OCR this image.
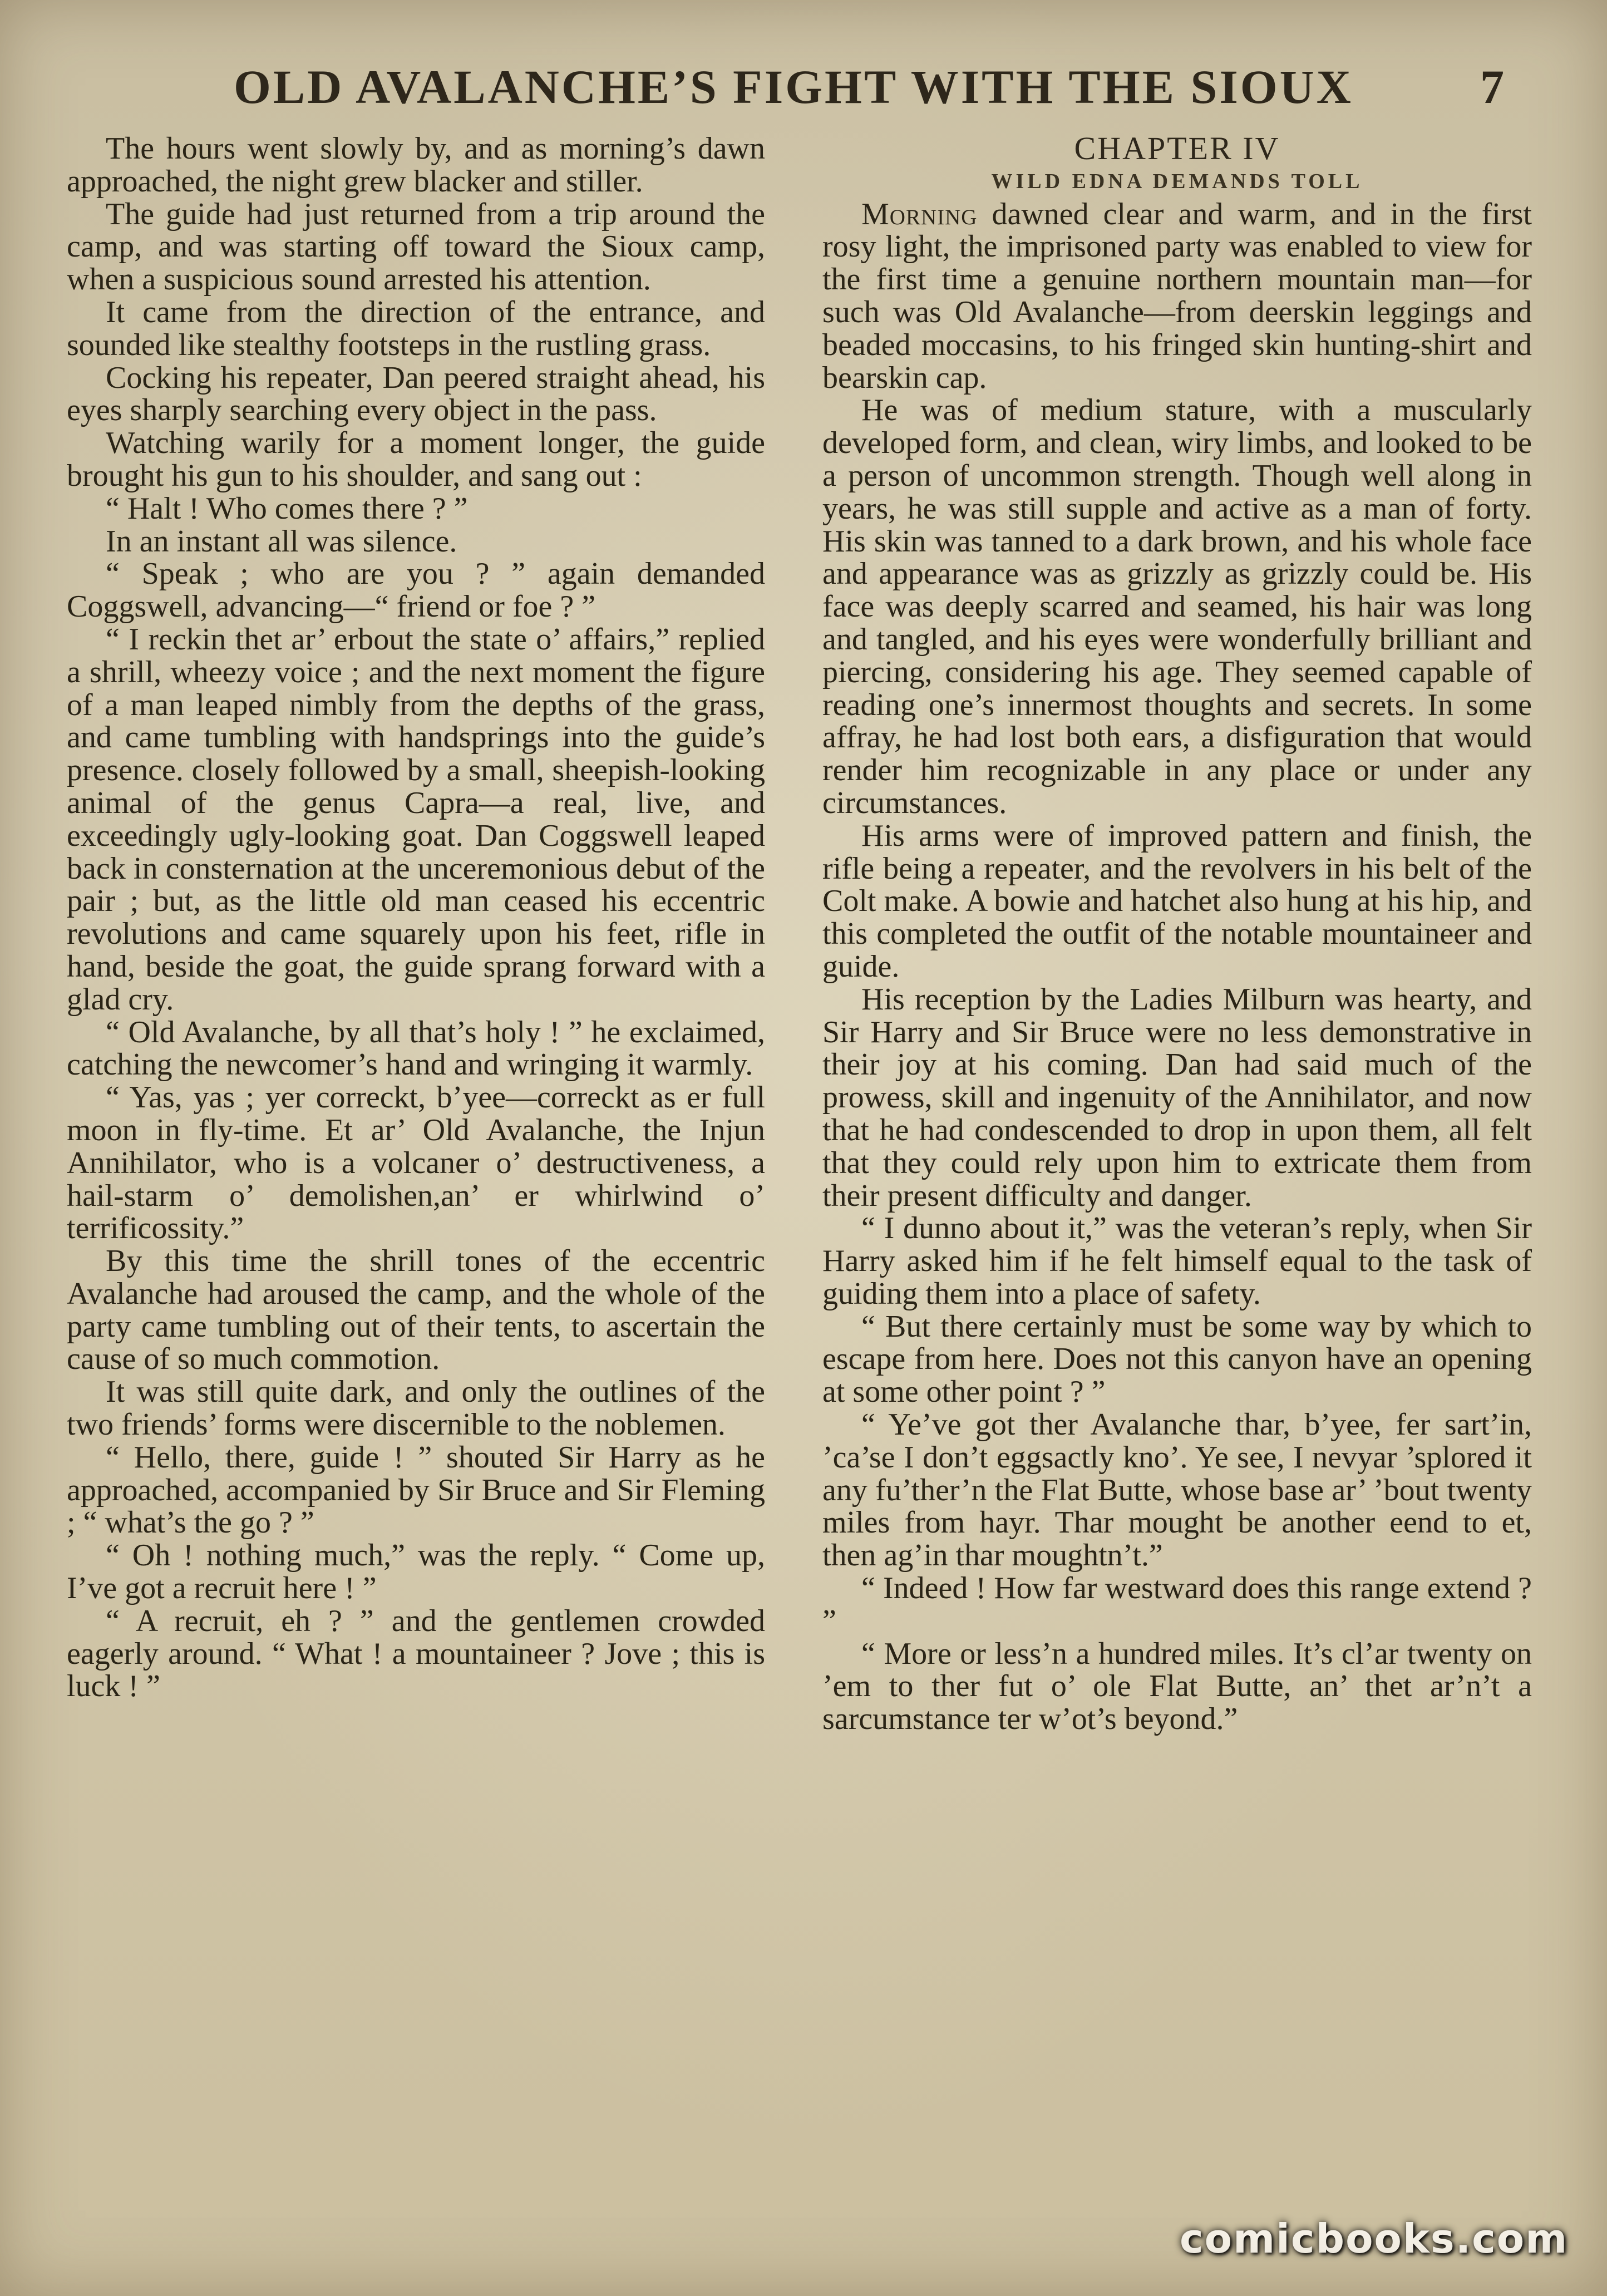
OLD AVALANCHE’S FIGHT WITH THE SIOUX	7

The hours went slowly by, and as morning’s dawn approached, the night grew blacker and stiller.

The guide had just returned from a trip around the camp, and was starting off toward the Sioux camp, when a suspicious sound arrested his attention.

It came from the direction of the entrance, and sounded like stealthy footsteps in the rustling grass.

Cocking his repeater, Dan peered straight ahead, his eyes sharply searching every object in the pass.

Watching warily for a moment longer, the guide brought his gun to his shoulder, and sang out :

“ Halt ! Who comes there ? ”

In an instant all was silence.

“ Speak ; who are you ? ” again demanded Coggswell, advancing—“ friend or foe ? ”

“ I reckin thet ar’ erbout the state o’ affairs,” replied a shrill, wheezy voice ; and the next moment the figure of a man leaped nimbly from the depths of the grass, and came tumbling with handsprings into the guide’s presence. closely followed by a small, sheepish-looking animal of the genus Capra—a real, live, and exceedingly ugly-looking goat. Dan Coggswell leaped back in consternation at the unceremonious debut of the pair ; but, as the little old man ceased his eccentric revolutions and came squarely upon his feet, rifle in hand, beside the goat, the guide sprang forward with a glad cry.

“ Old Avalanche, by all that’s holy ! ” he exclaimed, catching the newcomer’s hand and wringing it warmly.

“ Yas, yas ; yer correckt, b’yee—correckt as er full moon in fly-time. Et ar’ Old Avalanche, the Injun Annihilator, who is a volcaner o’ destructiveness, a hail-starm o’ demolishen,an’ er whirlwind o’ terrificossity.”

By this time the shrill tones of the eccentric Avalanche had aroused the camp, and the whole of the party came tumbling out of their tents, to ascertain the cause of so much commotion.

It was still quite dark, and only the outlines of the two friends’ forms were discernible to the noblemen.

“ Hello, there, guide ! ” shouted Sir Harry as he approached, accompanied by Sir Bruce and Sir Fleming ; “ what’s the go ? ”

“ Oh ! nothing much,” was the reply. “ Come up, I’ve got a recruit here ! ”

“ A recruit, eh ? ” and the gentlemen crowded eagerly around. “ What ! a mountaineer ? Jove ; this is luck ! ”

CHAPTER IV

WILD EDNA DEMANDS TOLL

Morning dawned clear and warm, and in the first rosy light, the imprisoned party was enabled to view for the first time a genuine northern mountain man—for such was Old Avalanche—from deerskin leggings and beaded moccasins, to his fringed skin hunting-shirt and bearskin cap.

He was of medium stature, with a muscularly developed form, and clean, wiry limbs, and looked to be a person of uncommon strength. Though well along in years, he was still supple and active as a man of forty. His skin was tanned to a dark brown, and his whole face and appearance was as grizzly as grizzly could be. His face was deeply scarred and seamed, his hair was long and tangled, and his eyes were wonderfully brilliant and piercing, considering his age. They seemed capable of reading one’s innermost thoughts and secrets. In some affray, he had lost both ears, a disfiguration that would render him recognizable in any place or under any circumstances.

His arms were of improved pattern and finish, the rifle being a repeater, and the revolvers in his belt of the Colt make. A bowie and hatchet also hung at his hip, and this completed the outfit of the notable mountaineer and guide.

His reception by the Ladies Milburn was hearty, and Sir Harry and Sir Bruce were no less demonstrative in their joy at his coming. Dan had said much of the prowess, skill and ingenuity of the Annihilator, and now that he had condescended to drop in upon them, all felt that they could rely upon him to extricate them from their present difficulty and danger.

“ I dunno about it,” was the veteran’s reply, when Sir Harry asked him if he felt himself equal to the task of guiding them into a place of safety.

“ But there certainly must be some way by which to escape from here. Does not this canyon have an opening at some other point ? ”

“ Ye’ve got ther Avalanche thar, b’yee, fer sart’in, ’ca’se I don’t eggsactly kno’. Ye see, I nevyar ’splored it any fu’ther’n the Flat Butte, whose base ar’ ’bout twenty miles from hayr. Thar mought be another eend to et, then ag’in thar moughtn’t.”

“ Indeed ! How far westward does this range extend ? ”

“ More or less’n a hundred miles. It’s cl’ar twenty on ’em to ther fut o’ ole Flat Butte, an’ thet ar’n’t a sarcumstance ter w’ot’s beyond.”

comicbooks.com
